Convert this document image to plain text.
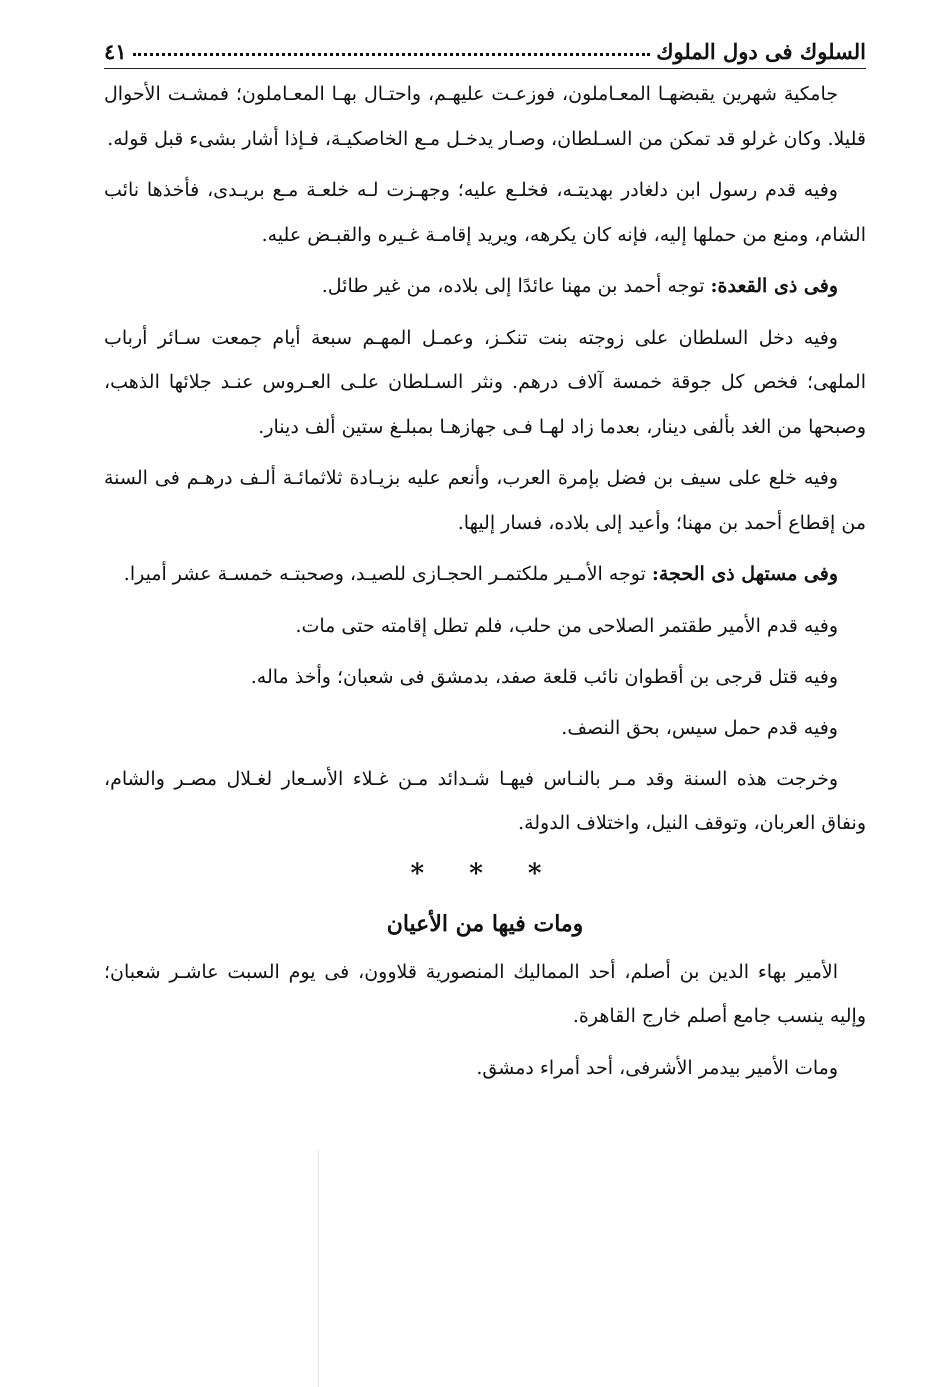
السلوك فى دول الملوك
٤١

جامكية شهرين يقبضهـا المعـاملون، فوزعـت عليهـم، واحتـال بهـا المعـاملون؛ فمشـت الأحوال قليلا. وكان غرلو قد تمكن من السـلطان، وصـار يدخـل مـع الخاصكيـة، فـإذا أشار بشىء قبل قوله.

وفيه قدم رسول ابن دلغادر بهديتـه، فخلـع عليه؛ وجهـزت لـه خلعـة مـع بريـدى، فأخذها نائب الشام، ومنع من حملها إليه، فإنه كان يكرهه، ويريد إقامـة غـيره والقبـض عليه.

وفى ذى القعدة: توجه أحمد بن مهنا عائدًا إلى بلاده، من غير طائل.

وفيه دخل السلطان على زوجته بنت تنكـز، وعمـل المهـم سبعة أيام جمعت سـائر أرباب الملهى؛ فخص كل جوقة خمسة آلاف درهم. ونثر السـلطان علـى العـروس عنـد جلائها الذهب، وصبحها من الغد بألفى دينار، بعدما زاد لهـا فـى جهازهـا بمبلـغ ستين ألف دينار.

وفيه خلع على سيف بن فضل بإمرة العرب، وأنعم عليه بزيـادة ثلاثمائـة ألـف درهـم فى السنة من إقطاع أحمد بن مهنا؛ وأعيد إلى بلاده، فسار إليها.

وفى مستهل ذى الحجة: توجه الأمـير ملكتمـر الحجـازى للصيـد، وصحبتـه خمسـة عشر أميرا.

وفيه قدم الأمير طقتمر الصلاحى من حلب، فلم تطل إقامته حتى مات.

وفيه قتل قرجى بن أقطوان نائب قلعة صفد، بدمشق فى شعبان؛ وأخذ ماله.

وفيه قدم حمل سيس، بحق النصف.

وخرجت هذه السنة وقد مـر بالنـاس فيهـا شـدائد مـن غـلاء الأسـعار لغـلال مصـر والشام، ونفاق العربان، وتوقف النيل، واختلاف الدولة.

* * *
ومات فيها من الأعيان

الأمير بهاء الدين بن أصلم، أحد المماليك المنصورية قلاوون، فى يوم السبت عاشـر شعبان؛ وإليه ينسب جامع أصلم خارج القاهرة.

ومات الأمير بيدمر الأشرفى، أحد أمراء دمشق.
